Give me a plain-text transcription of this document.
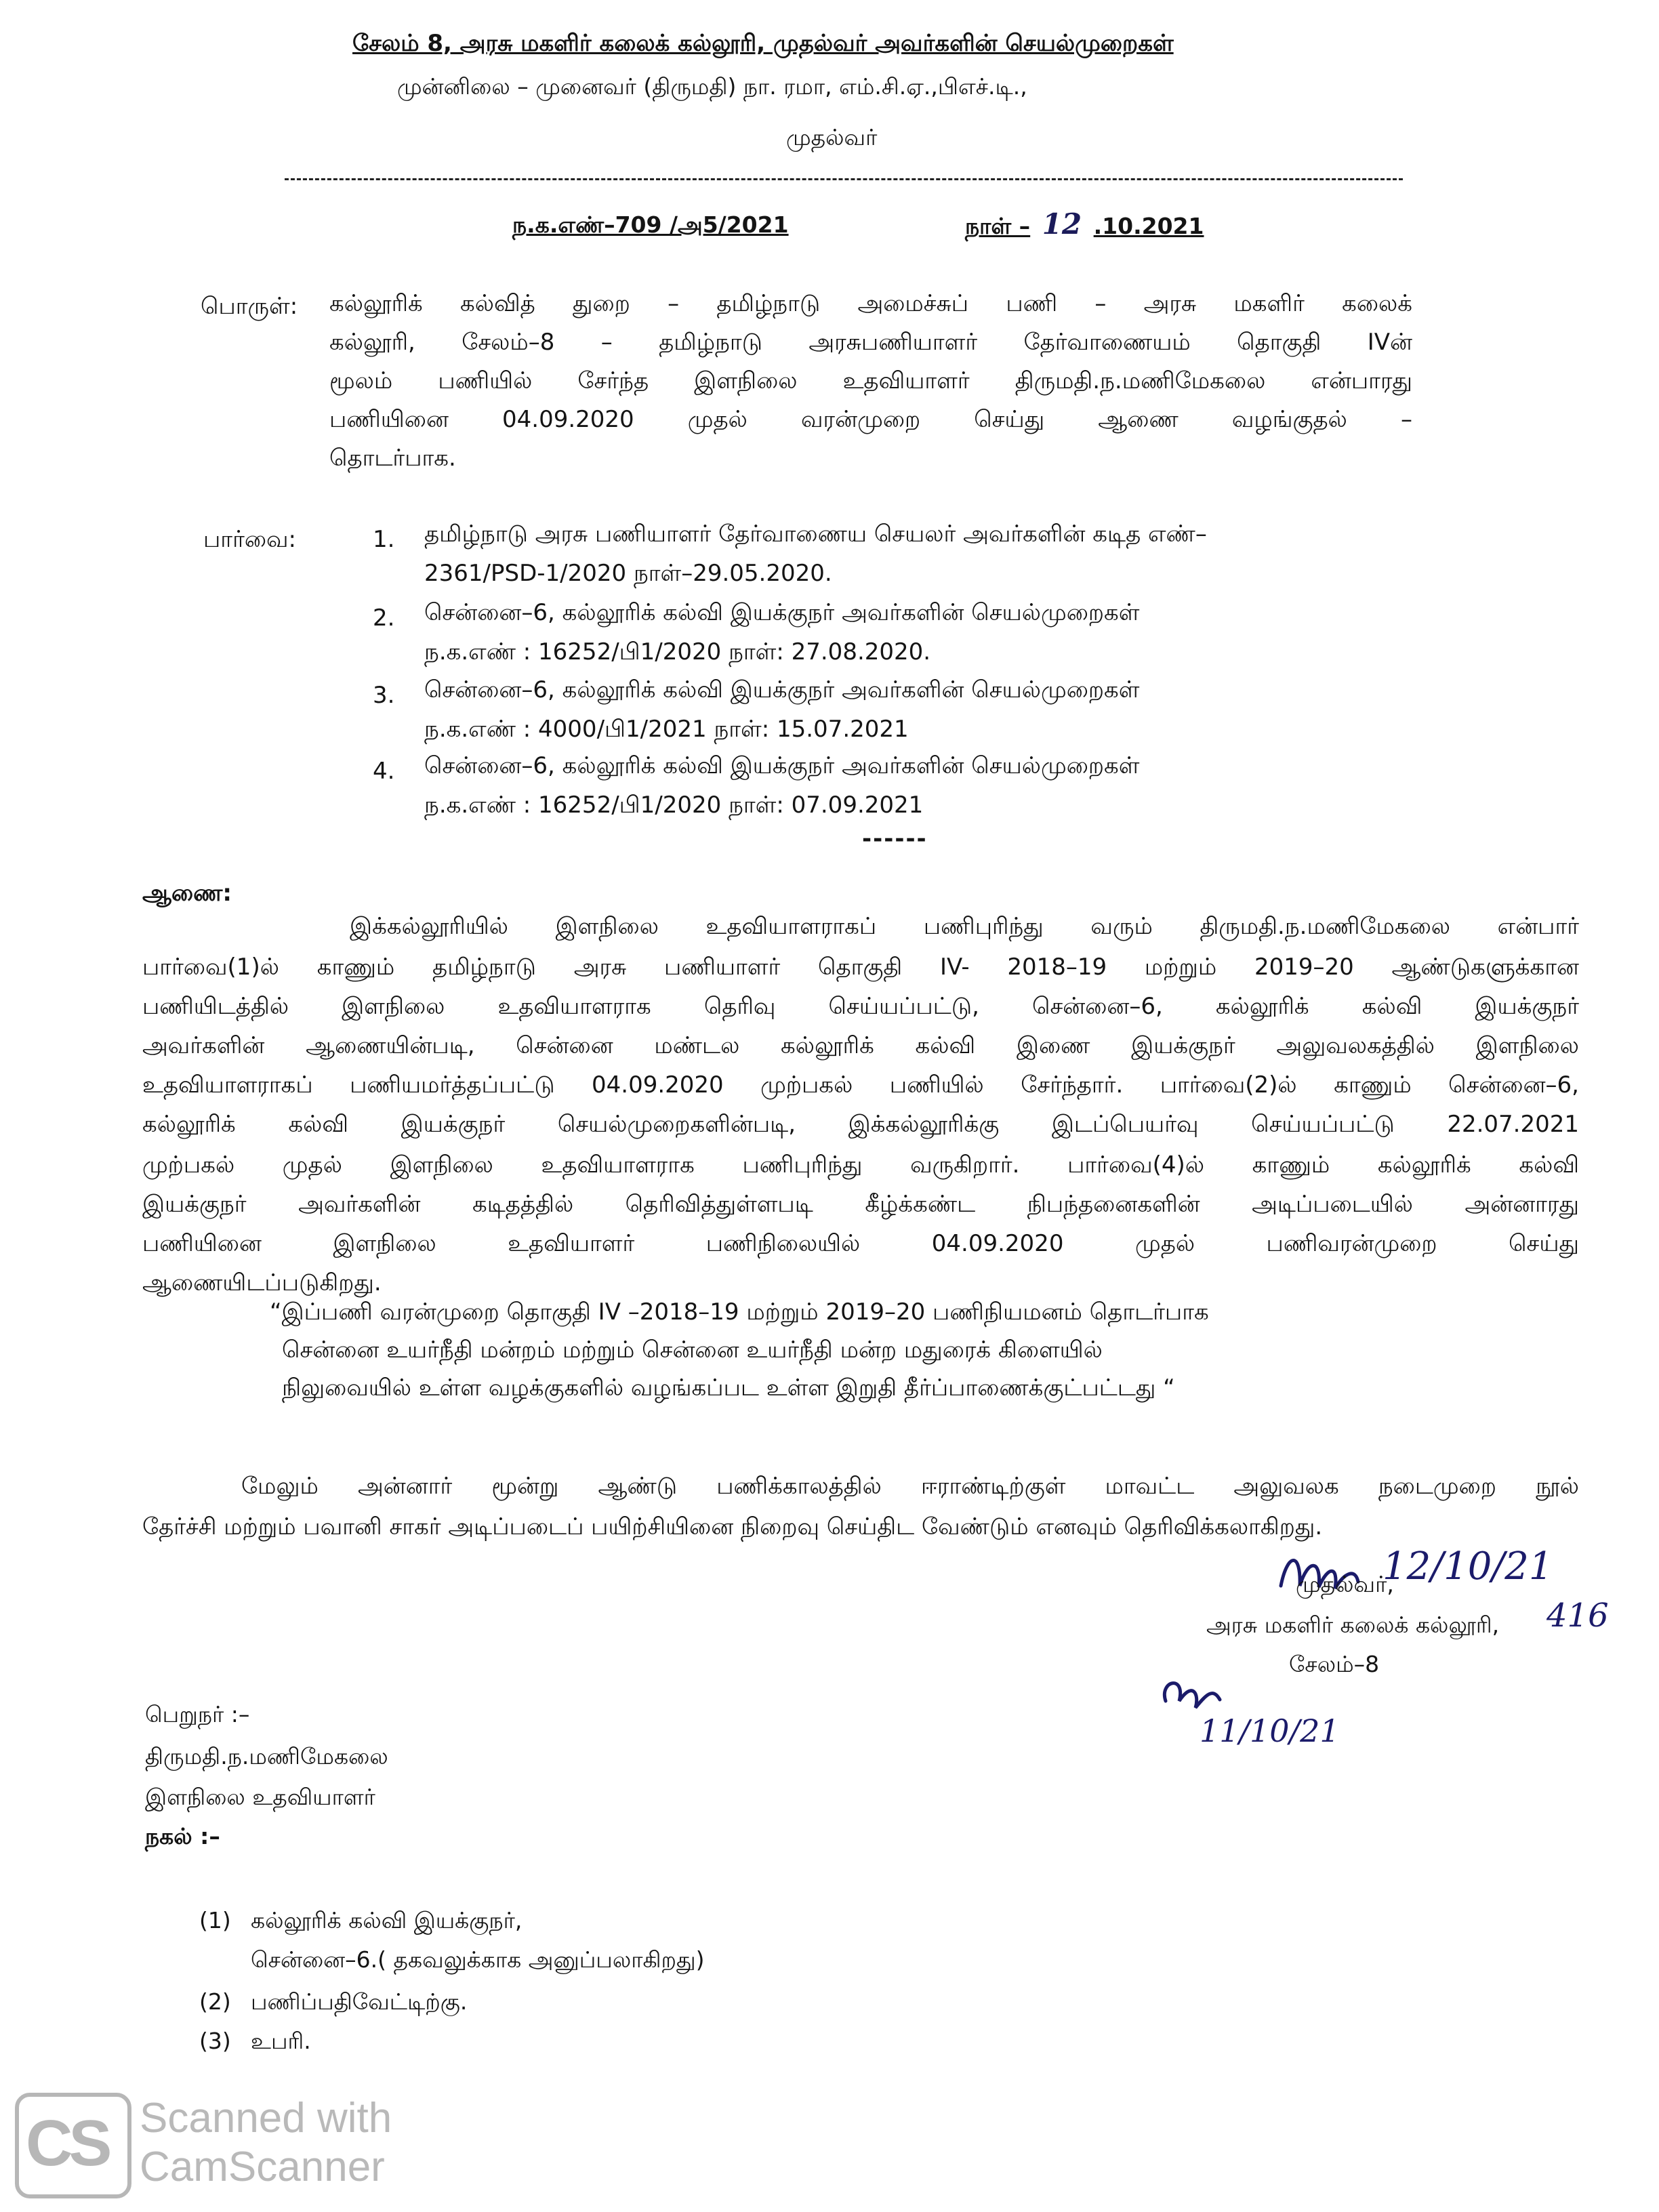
சேலம் 8, அரசு மகளிர் கலைக் கல்லூரி, முதல்வர் அவர்களின் செயல்முறைகள்
முன்னிலை – முனைவர் (திருமதி) நா. ரமா, எம்.சி.ஏ.,பிஎச்.டி.,
முதல்வர்
ந.க.எண்–709 /அ5/2021	நாள் – 12 .10.2021
பொருள்: கல்லூரிக் கல்வித் துறை – தமிழ்நாடு அமைச்சுப் பணி – அரசு மகளிர் கலைக்
கல்லூரி, சேலம்–8 – தமிழ்நாடு அரசுபணியாளர் தேர்வாணையம் தொகுதி IVன்
மூலம் பணியில் சேர்ந்த இளநிலை உதவியாளர் திருமதி.ந.மணிமேகலை என்பாரது
பணியினை 04.09.2020 முதல் வரன்முறை செய்து ஆணை வழங்குதல் –
தொடர்பாக.
பார்வை:	1. தமிழ்நாடு அரசு பணியாளர் தேர்வாணைய செயலர் அவர்களின் கடித எண்–
2361/PSD-1/2020 நாள்–29.05.2020.
2. சென்னை–6, கல்லூரிக் கல்வி இயக்குநர் அவர்களின் செயல்முறைகள்
ந.க.எண் : 16252/பி1/2020 நாள்: 27.08.2020.
3. சென்னை–6, கல்லூரிக் கல்வி இயக்குநர் அவர்களின் செயல்முறைகள்
ந.க.எண் : 4000/பி1/2021 நாள்: 15.07.2021
4. சென்னை–6, கல்லூரிக் கல்வி இயக்குநர் அவர்களின் செயல்முறைகள்
ந.க.எண் : 16252/பி1/2020 நாள்: 07.09.2021
------
ஆணை:
இக்கல்லூரியில் இளநிலை உதவியாளராகப் பணிபுரிந்து வரும் திருமதி.ந.மணிமேகலை என்பார்
பார்வை(1)ல் காணும் தமிழ்நாடு அரசு பணியாளர் தொகுதி IV- 2018–19 மற்றும் 2019–20 ஆண்டுகளுக்கான
பணியிடத்தில் இளநிலை உதவியாளராக தெரிவு செய்யப்பட்டு, சென்னை–6, கல்லூரிக் கல்வி இயக்குநர்
அவர்களின் ஆணையின்படி, சென்னை மண்டல கல்லூரிக் கல்வி இணை இயக்குநர் அலுவலகத்தில் இளநிலை
உதவியாளராகப் பணியமர்த்தப்பட்டு 04.09.2020 முற்பகல் பணியில் சேர்ந்தார். பார்வை(2)ல் காணும் சென்னை–6,
கல்லூரிக் கல்வி இயக்குநர் செயல்முறைகளின்படி, இக்கல்லூரிக்கு இடப்பெயர்வு செய்யப்பட்டு 22.07.2021
முற்பகல் முதல் இளநிலை உதவியாளராக பணிபுரிந்து வருகிறார். பார்வை(4)ல் காணும் கல்லூரிக் கல்வி
இயக்குநர் அவர்களின் கடிதத்தில் தெரிவித்துள்ளபடி கீழ்க்கண்ட நிபந்தனைகளின் அடிப்படையில் அன்னாரது
பணியினை இளநிலை உதவியாளர் பணிநிலையில் 04.09.2020 முதல் பணிவரன்முறை செய்து
ஆணையிடப்படுகிறது.
“இப்பணி வரன்முறை தொகுதி IV –2018–19 மற்றும் 2019–20 பணிநியமனம் தொடர்பாக
சென்னை உயர்நீதி மன்றம் மற்றும் சென்னை உயர்நீதி மன்ற மதுரைக் கிளையில்
நிலுவையில் உள்ள வழக்குகளில் வழங்கப்பட உள்ள இறுதி தீர்ப்பாணைக்குட்பட்டது “
மேலும் அன்னார் மூன்று ஆண்டு பணிக்காலத்தில் ஈராண்டிற்குள் மாவட்ட அலுவலக நடைமுறை நூல்
தேர்ச்சி மற்றும் பவானி சாகர் அடிப்படைப் பயிற்சியினை நிறைவு செய்திட வேண்டும் எனவும் தெரிவிக்கலாகிறது.
12/10/21
முதல்வர்,
அரசு மகளிர் கலைக் கல்லூரி, 416
சேலம்–8
11/10/21
பெறுநர் :–
திருமதி.ந.மணிமேகலை
இளநிலை உதவியாளர்
நகல் :–
(1) கல்லூரிக் கல்வி இயக்குநர்,
சென்னை–6.( தகவலுக்காக அனுப்பலாகிறது)
(2) பணிப்பதிவேட்டிற்கு.
(3) உபரி.
CS Scanned with
CamScanner
